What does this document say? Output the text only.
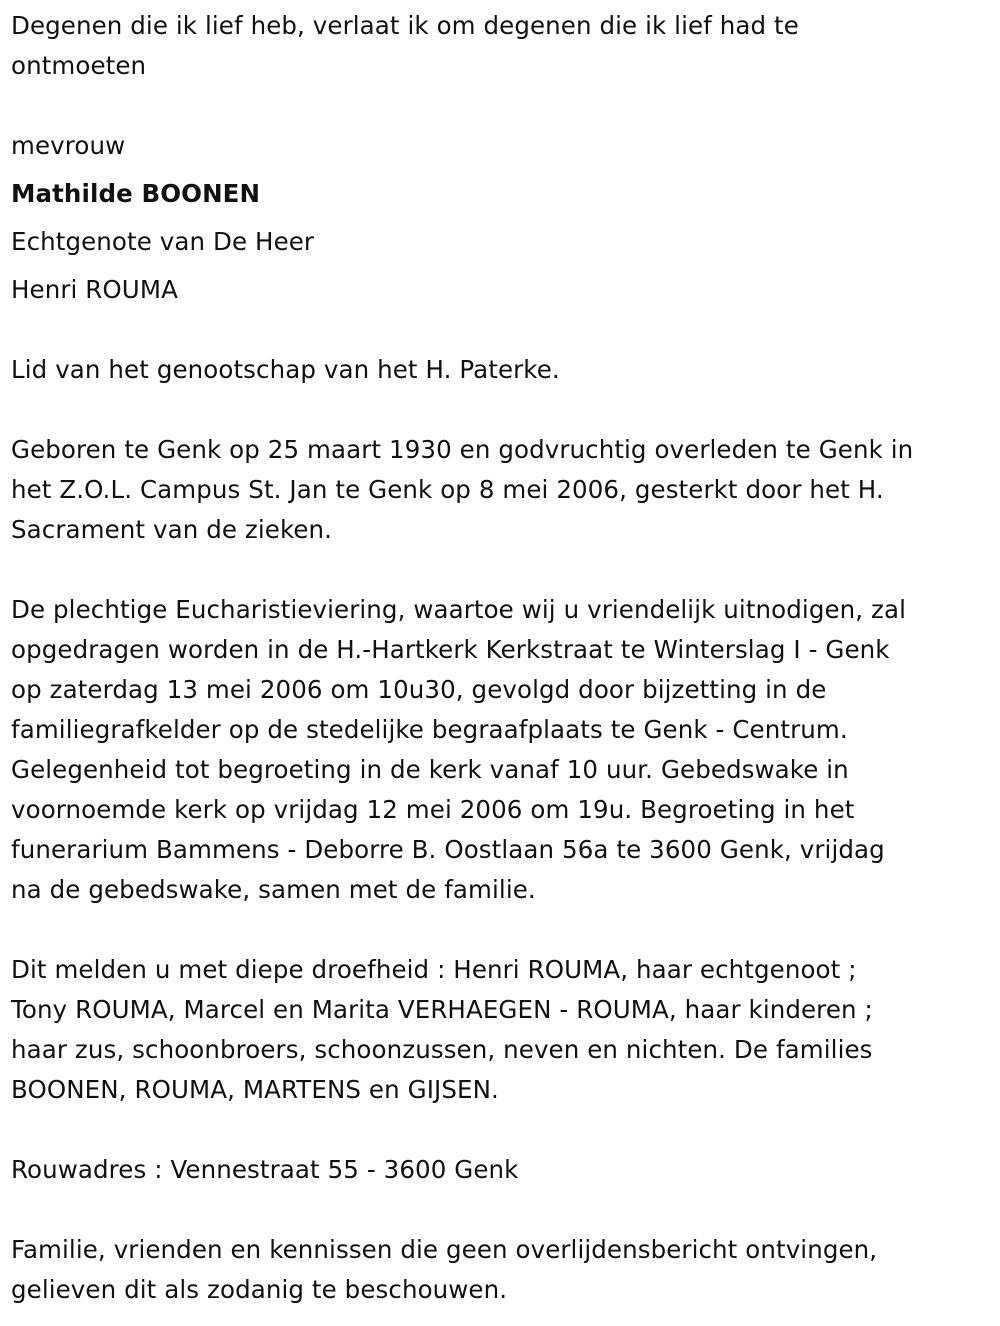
Degenen die ik lief heb, verlaat ik om degenen die ik lief had te
ontmoeten
mevrouw
Mathilde BOONEN
Echtgenote van De Heer
Henri ROUMA
Lid van het genootschap van het H. Paterke.
Geboren te Genk op 25 maart 1930 en godvruchtig overleden te Genk in
het Z.O.L. Campus St. Jan te Genk op 8 mei 2006, gesterkt door het H.
Sacrament van de zieken.
De plechtige Eucharistieviering, waartoe wij u vriendelijk uitnodigen, zal
opgedragen worden in de H.-Hartkerk Kerkstraat te Winterslag I - Genk
op zaterdag 13 mei 2006 om 10u30, gevolgd door bijzetting in de
familiegrafkelder op de stedelijke begraafplaats te Genk - Centrum.
Gelegenheid tot begroeting in de kerk vanaf 10 uur. Gebedswake in
voornoemde kerk op vrijdag 12 mei 2006 om 19u. Begroeting in het
funerarium Bammens - Deborre B. Oostlaan 56a te 3600 Genk, vrijdag
na de gebedswake, samen met de familie.
Dit melden u met diepe droefheid : Henri ROUMA, haar echtgenoot ;
Tony ROUMA, Marcel en Marita VERHAEGEN - ROUMA, haar kinderen ;
haar zus, schoonbroers, schoonzussen, neven en nichten. De families
BOONEN, ROUMA, MARTENS en GIJSEN.
Rouwadres : Vennestraat 55 - 3600 Genk
Familie, vrienden en kennissen die geen overlijdensbericht ontvingen,
gelieven dit als zodanig te beschouwen.
